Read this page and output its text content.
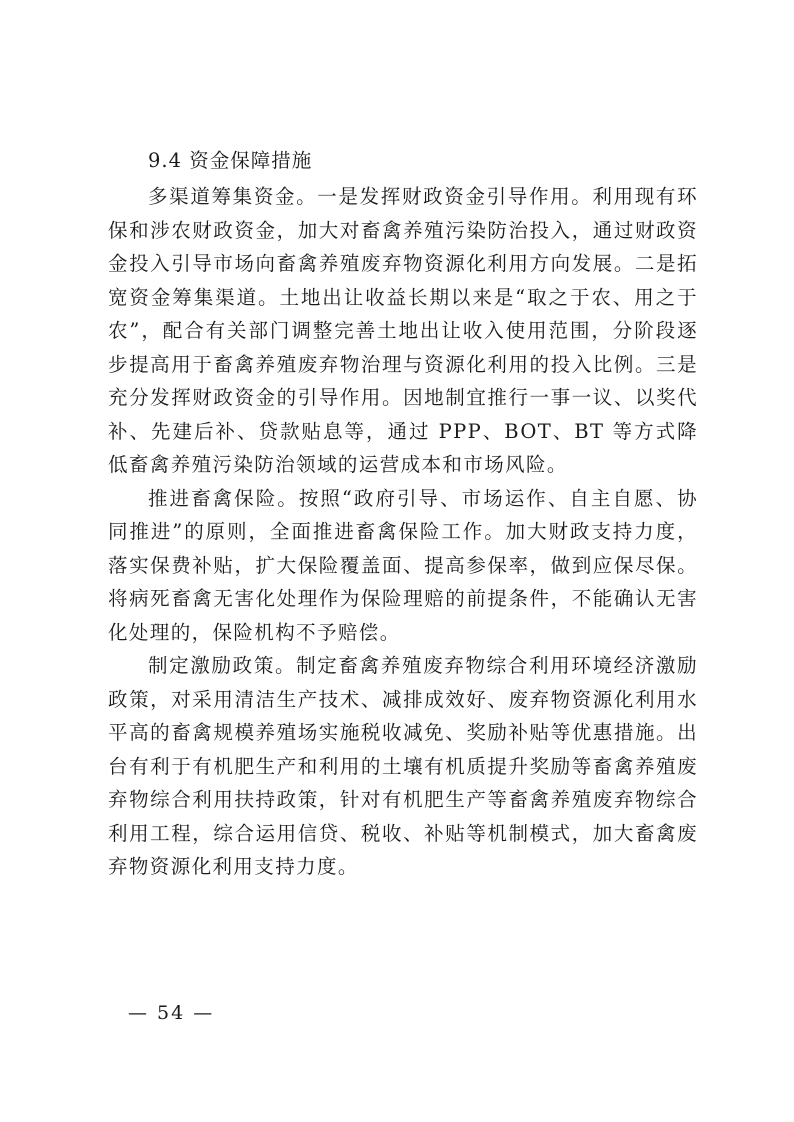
9.4 资金保障措施

多渠道筹集资金。一是发挥财政资金引导作用。利用现有环保和涉农财政资金，加大对畜禽养殖污染防治投入，通过财政资金投入引导市场向畜禽养殖废弃物资源化利用方向发展。二是拓宽资金筹集渠道。土地出让收益长期以来是“取之于农、用之于农”，配合有关部门调整完善土地出让收入使用范围，分阶段逐步提高用于畜禽养殖废弃物治理与资源化利用的投入比例。三是充分发挥财政资金的引导作用。因地制宜推行一事一议、以奖代补、先建后补、贷款贴息等，通过 PPP、BOT、BT 等方式降低畜禽养殖污染防治领域的运营成本和市场风险。

推进畜禽保险。按照“政府引导、市场运作、自主自愿、协同推进”的原则，全面推进畜禽保险工作。加大财政支持力度，落实保费补贴，扩大保险覆盖面、提高参保率，做到应保尽保。将病死畜禽无害化处理作为保险理赔的前提条件，不能确认无害化处理的，保险机构不予赔偿。

制定激励政策。制定畜禽养殖废弃物综合利用环境经济激励政策，对采用清洁生产技术、减排成效好、废弃物资源化利用水平高的畜禽规模养殖场实施税收减免、奖励补贴等优惠措施。出台有利于有机肥生产和利用的土壤有机质提升奖励等畜禽养殖废弃物综合利用扶持政策，针对有机肥生产等畜禽养殖废弃物综合利用工程，综合运用信贷、税收、补贴等机制模式，加大畜禽废弃物资源化利用支持力度。

— 54 —
